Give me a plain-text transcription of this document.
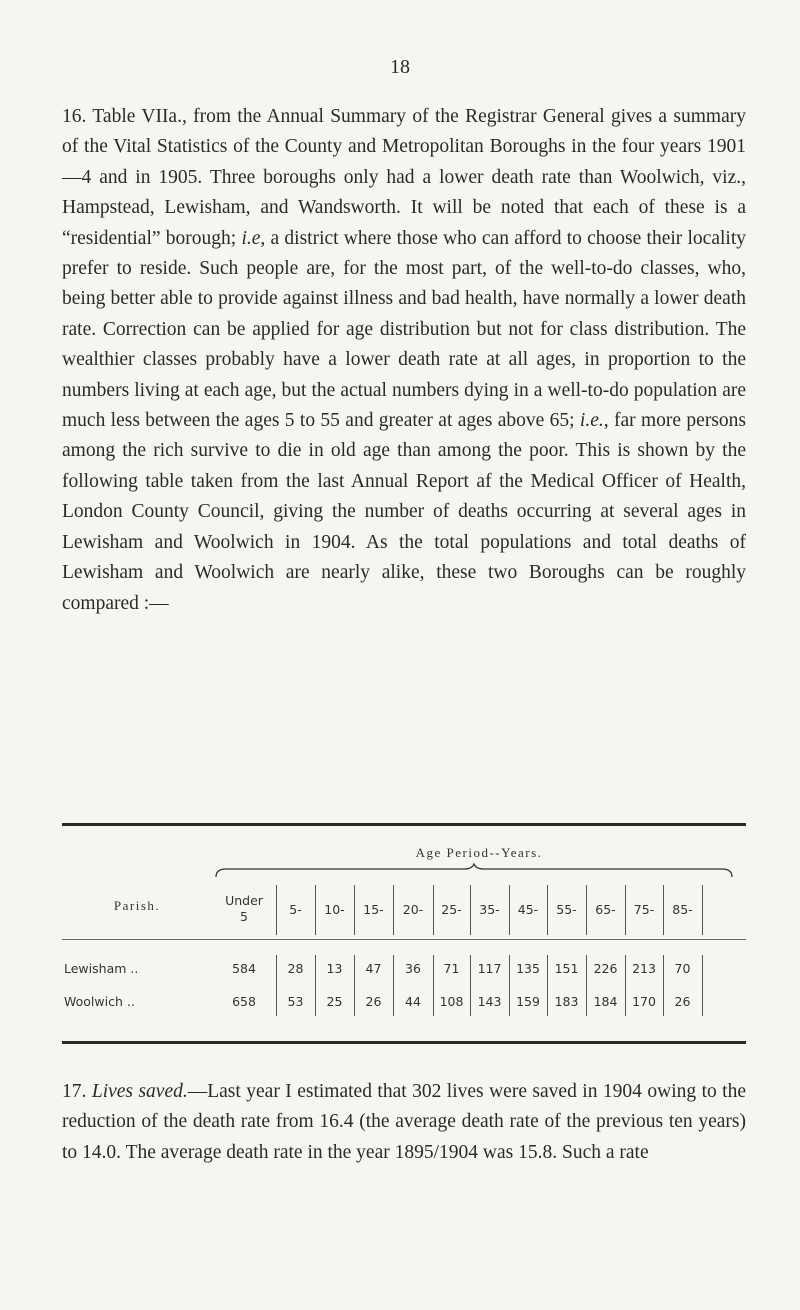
18

16. Table VIIa., from the Annual Summary of the Registrar General gives a summary of the Vital Statistics of the County and Metropolitan Boroughs in the four years 1901—4 and in 1905. Three boroughs only had a lower death rate than Woolwich, viz., Hampstead, Lewisham, and Wandsworth. It will be noted that each of these is a “residential” borough; i.e, a district where those who can afford to choose their locality prefer to reside. Such people are, for the most part, of the well-to-do classes, who, being better able to provide against illness and bad health, have normally a lower death rate. Correction can be applied for age distribution but not for class distribution. The wealthier classes probably have a lower death rate at all ages, in proportion to the numbers living at each age, but the actual numbers dying in a well-to-do population are much less between the ages 5 to 55 and greater at ages above 65; i.e., far more persons among the rich survive to die in old age than among the poor. This is shown by the following table taken from the last Annual Report af the Medical Officer of Health, London County Council, giving the number of deaths occurring at several ages in Lewisham and Woolwich in 1904. As the total populations and total deaths of Lewisham and Woolwich are nearly alike, these two Boroughs can be roughly compared :—

Age Period--Years.
Parish.	Under 5	5-	10-	15-	20-	25-	35-	45-	55-	65-	75-	85-
Lewisham ..	584	28	13	47	36	71	117	135	151	226	213	70
Woolwich ..	658	53	25	26	44	108	143	159	183	184	170	26

17. Lives saved.—Last year I estimated that 302 lives were saved in 1904 owing to the reduction of the death rate from 16.4 (the average death rate of the previous ten years) to 14.0. The average death rate in the year 1895/1904 was 15.8. Such a rate
